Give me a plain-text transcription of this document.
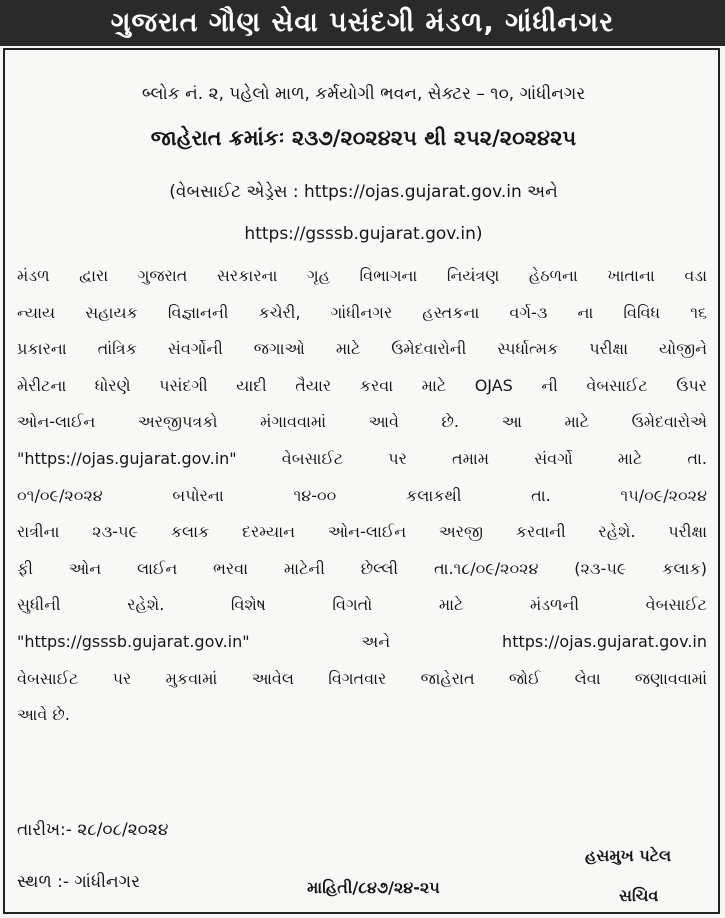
ગુજરાત ગૌણ સેવા પસંદગી મંડળ, ગાંધીનગર
બ્લોક નં. ૨, પહેલો માળ, કર્મયોગી ભવન, સેક્ટર – ૧૦, ગાંધીનગર
જાહેરાત ક્રમાંકઃ ૨૩૭/૨૦૨૪૨૫ થી ૨૫૨/૨૦૨૪૨૫
(વેબસાઈટ એડ્રેસ : https://ojas.gujarat.gov.in અને
https://gsssb.gujarat.gov.in)
મંડળ દ્વારા ગુજરાત સરકારના ગૃહ વિભાગના નિયંત્રણ હેઠળના ખાતાના વડા
ન્યાય સહાયક વિજ્ઞાનની કચેરી, ગાંધીનગર હસ્તકના વર્ગ-૩ ના વિવિધ ૧૬
પ્રકારના તાંત્રિક સંવર્ગોની જગાઓ માટે ઉમેદવારોની સ્પર્ધાત્મક પરીક્ષા યોજીને
મેરીટના ધોરણે પસંદગી યાદી તૈયાર કરવા માટે OJAS ની વેબસાઈટ ઉપર
ઓન-લાઈન અરજીપત્રકો મંગાવવામાં આવે છે. આ માટે ઉમેદવારોએ
"https://ojas.gujarat.gov.in" વેબસાઈટ પર તમામ સંવર્ગો માટે તા.
૦૧/૦૯/૨૦૨૪ બપોરના ૧૪-૦૦ કલાકથી તા. ૧૫/૦૯/૨૦૨૪
રાત્રીના ૨૩-૫૯ કલાક દરમ્યાન ઓન-લાઈન અરજી કરવાની રહેશે. પરીક્ષા
ફી ઓન લાઈન ભરવા માટેની છેલ્લી તા.૧૮/૦૯/૨૦૨૪ (૨૩-૫૯ કલાક)
સુધીની રહેશે. વિશેષ વિગતો માટે મંડળની વેબસાઈટ
"https://gsssb.gujarat.gov.in" અને https://ojas.gujarat.gov.in
વેબસાઈટ પર મુકવામાં આવેલ વિગતવાર જાહેરાત જોઈ લેવા જણાવવામાં
આવે છે.
તારીખ:- ૨૮/૦૮/૨૦૨૪
સ્થળ :- ગાંધીનગર	માહિતી/૮૪૭/૨૪-૨૫
હસમુખ પટેલ
સચિવ
